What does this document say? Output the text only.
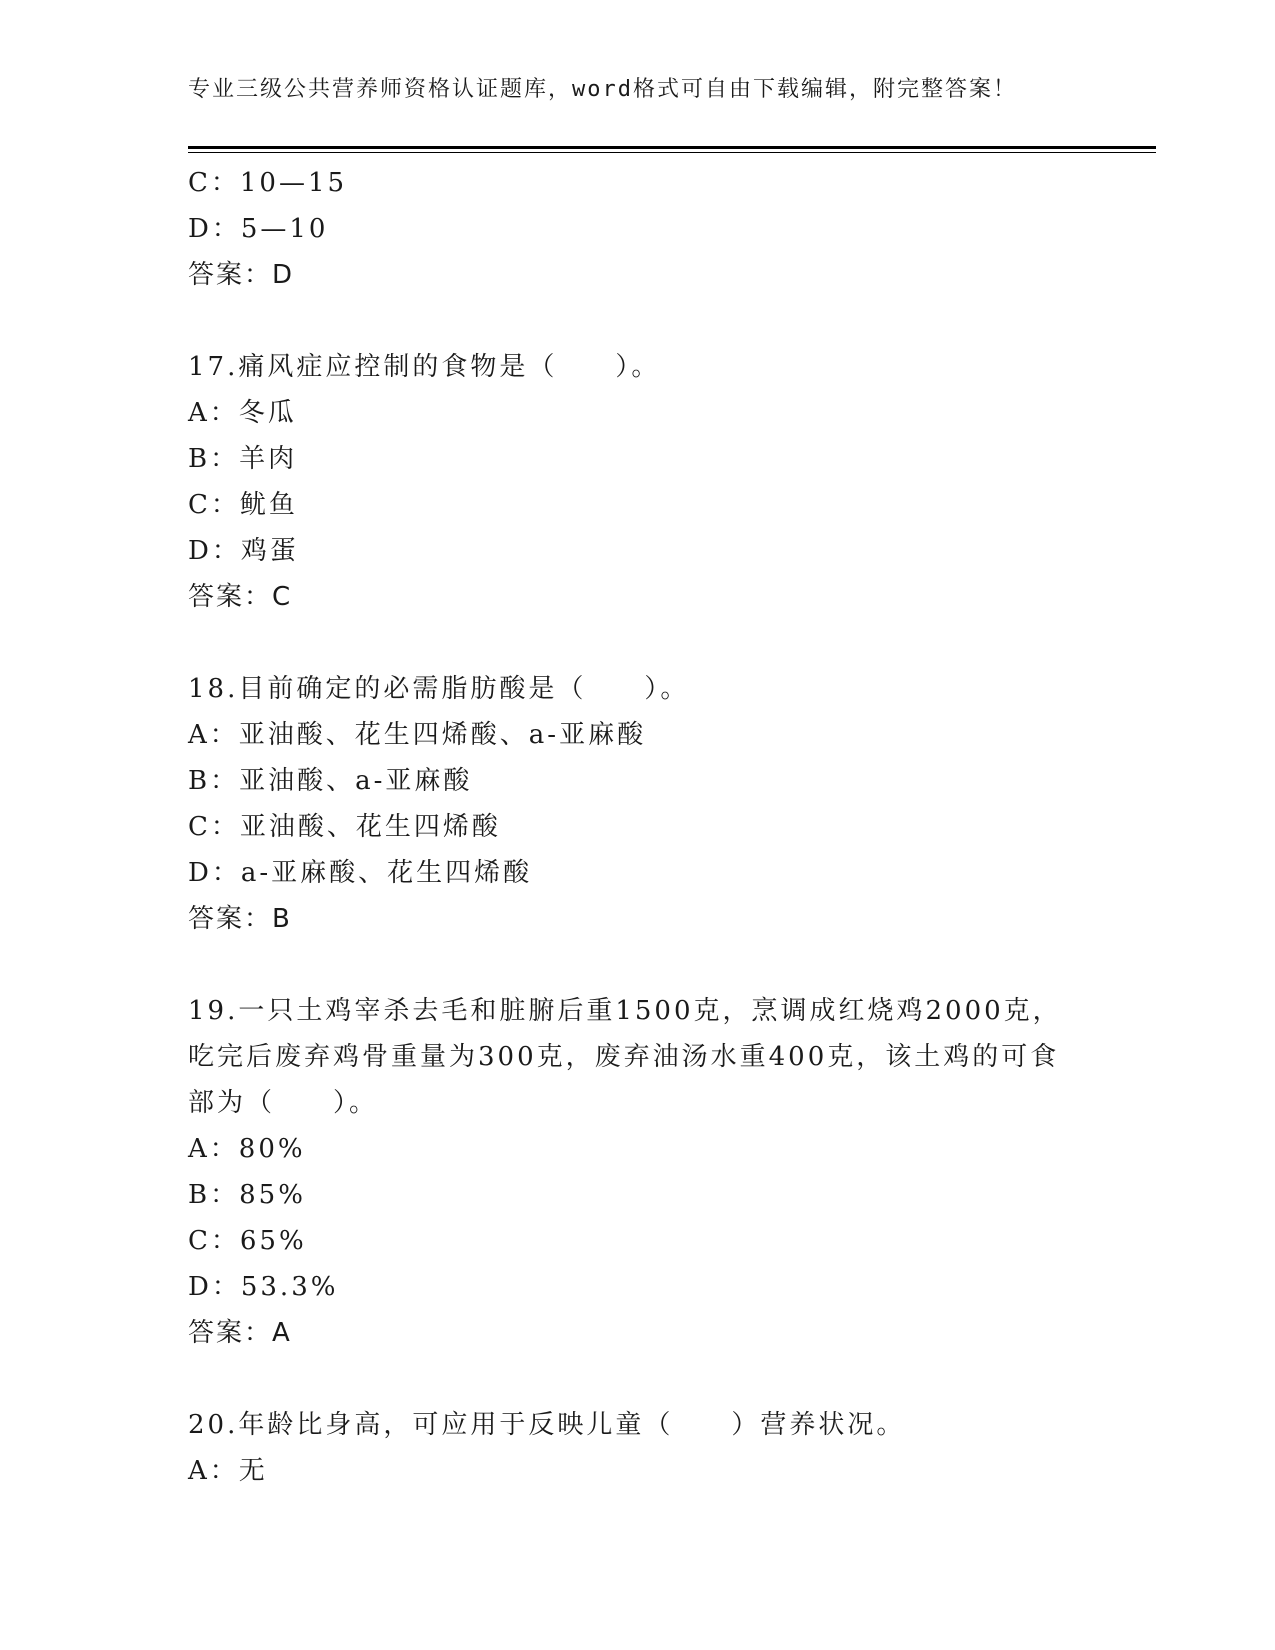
专业三级公共营养师资格认证题库，word格式可自由下载编辑，附完整答案！
C：10—15
D：5—10
答案：D
17.痛风症应控制的食物是（　　）。
A：冬瓜
B：羊肉
C：鱿鱼
D：鸡蛋
答案：C
18.目前确定的必需脂肪酸是（　　）。
A：亚油酸、花生四烯酸、a-亚麻酸
B：亚油酸、a-亚麻酸
C：亚油酸、花生四烯酸
D：a-亚麻酸、花生四烯酸
答案：B
19.一只土鸡宰杀去毛和脏腑后重1500克，烹调成红烧鸡2000克，吃完后废弃鸡骨重量为300克，废弃油汤水重400克，该土鸡的可食部为（　　）。
A：80%
B：85%
C：65%
D：53.3%
答案：A
20.年龄比身高，可应用于反映儿童（　　）营养状况。
A：无
